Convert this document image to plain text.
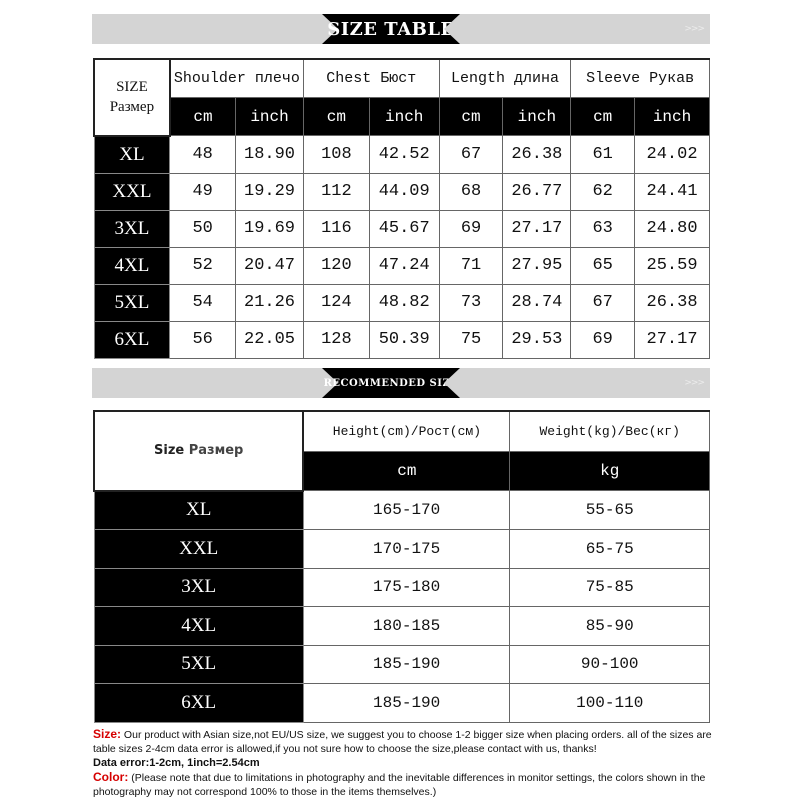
SIZE TABLE	>>>
SIZE
Размер	Shoulder плечо		Chest Бюст		Length длина		Sleeve Рукав	
	cm	inch	cm	inch	cm	inch	cm	inch
XL	48	18.90	108	42.52	67	26.38	61	24.02
XXL	49	19.29	112	44.09	68	26.77	62	24.41
3XL	50	19.69	116	45.67	69	27.17	63	24.80
4XL	52	20.47	120	47.24	71	27.95	65	25.59
5XL	54	21.26	124	48.82	73	28.74	67	26.38
6XL	56	22.05	128	50.39	75	29.53	69	27.17
RECOMMENDED SIZE	>>>
Size Размер	Height(cm)/Рост(см)	Weight(kg)/Вес(кг)
	cm	kg
XL	165-170	55-65
XXL	170-175	65-75
3XL	175-180	75-85
4XL	180-185	85-90
5XL	185-190	90-100
6XL	185-190	100-110
Size: Our product with Asian size,not EU/US size, we suggest you to choose 1-2 bigger size when placing orders. all of the sizes are table sizes 2-4cm data error is allowed,if you not sure how to choose the size,please contact with us, thanks!
Data error:1-2cm, 1inch=2.54cm
Color: (Please note that due to limitations in photography and the inevitable differences in monitor settings, the colors shown in the photography may not correspond 100% to those in the items themselves.)
